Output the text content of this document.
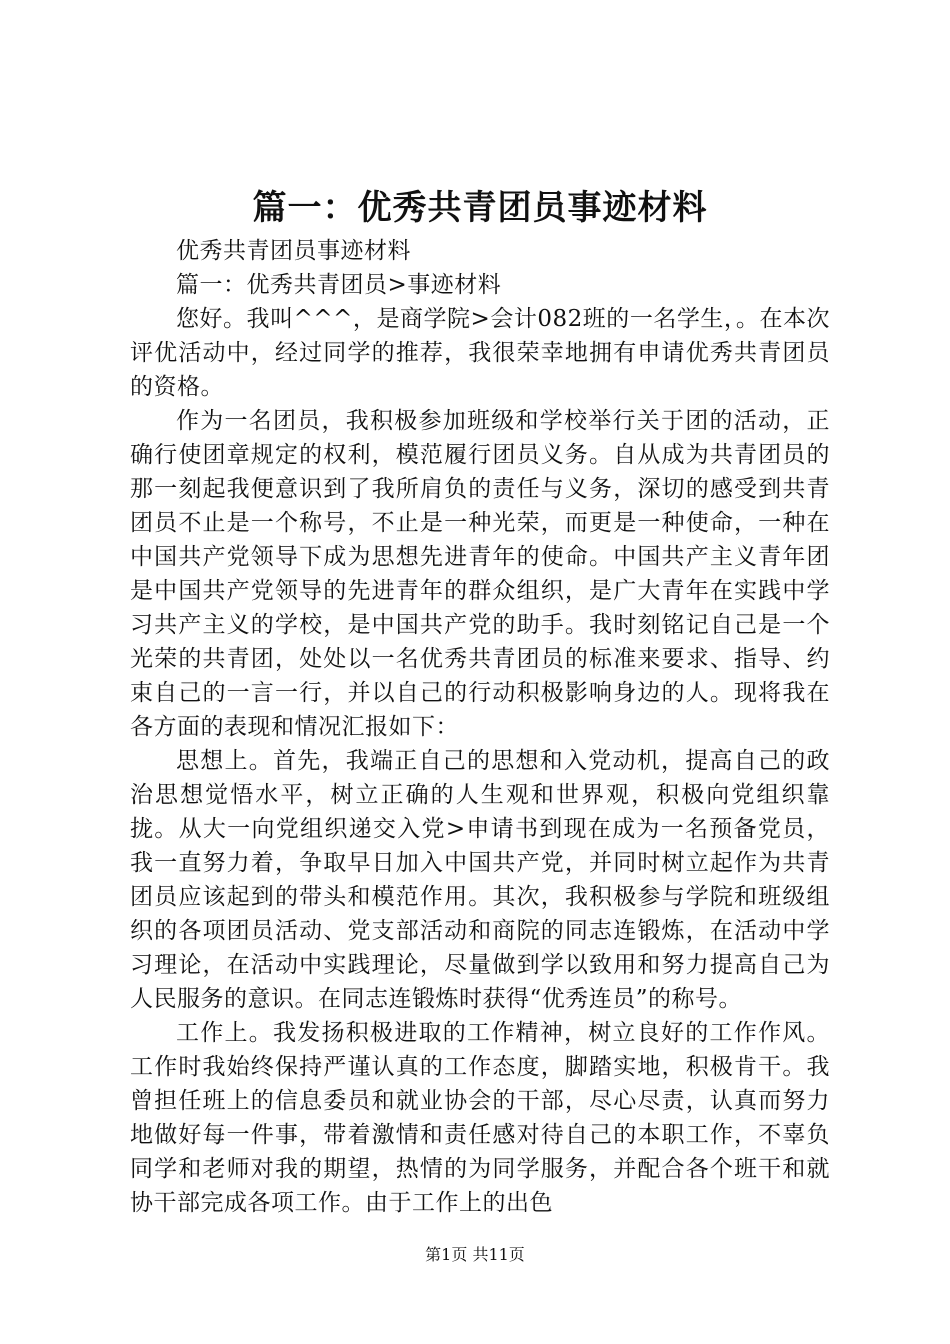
篇一：优秀共青团员事迹材料

优秀共青团员事迹材料

篇一：优秀共青团员>事迹材料

您好。我叫^^^，是商学院>会计082班的一名学生，。在本次评优活动中，经过同学的推荐，我很荣幸地拥有申请优秀共青团员的资格。

作为一名团员，我积极参加班级和学校举行关于团的活动，正确行使团章规定的权利，模范履行团员义务。自从成为共青团员的那一刻起我便意识到了我所肩负的责任与义务，深切的感受到共青团员不止是一个称号，不止是一种光荣，而更是一种使命，一种在中国共产党领导下成为思想先进青年的使命。中国共产主义青年团是中国共产党领导的先进青年的群众组织，是广大青年在实践中学习共产主义的学校，是中国共产党的助手。我时刻铭记自己是一个光荣的共青团，处处以一名优秀共青团员的标准来要求、指导、约束自己的一言一行，并以自己的行动积极影响身边的人。现将我在各方面的表现和情况汇报如下：

思想上。首先，我端正自己的思想和入党动机，提高自己的政治思想觉悟水平，树立正确的人生观和世界观，积极向党组织靠拢。从大一向党组织递交入党>申请书到现在成为一名预备党员，我一直努力着，争取早日加入中国共产党，并同时树立起作为共青团员应该起到的带头和模范作用。其次，我积极参与学院和班级组织的各项团员活动、党支部活动和商院的同志连锻炼，在活动中学习理论，在活动中实践理论，尽量做到学以致用和努力提高自己为人民服务的意识。在同志连锻炼时获得“优秀连员”的称号。

工作上。我发扬积极进取的工作精神，树立良好的工作作风。工作时我始终保持严谨认真的工作态度，脚踏实地，积极肯干。我曾担任班上的信息委员和就业协会的干部，尽心尽责，认真而努力地做好每一件事，带着激情和责任感对待自己的本职工作，不辜负同学和老师对我的期望，热情的为同学服务，并配合各个班干和就协干部完成各项工作。由于工作上的出色

第1页 共11页
